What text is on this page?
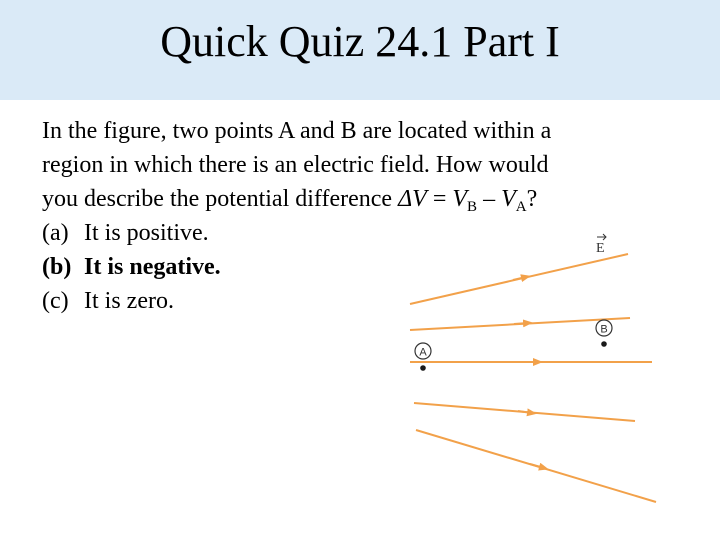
Quick Quiz 24.1 Part I
In the figure, two points A and B are located within a
region in which there is an electric field. How would
you describe the potential difference $\Delta V = V_B - V_A$?
(a) It is positive.
(b) It is negative.
(c) It is zero.
E
A
B
